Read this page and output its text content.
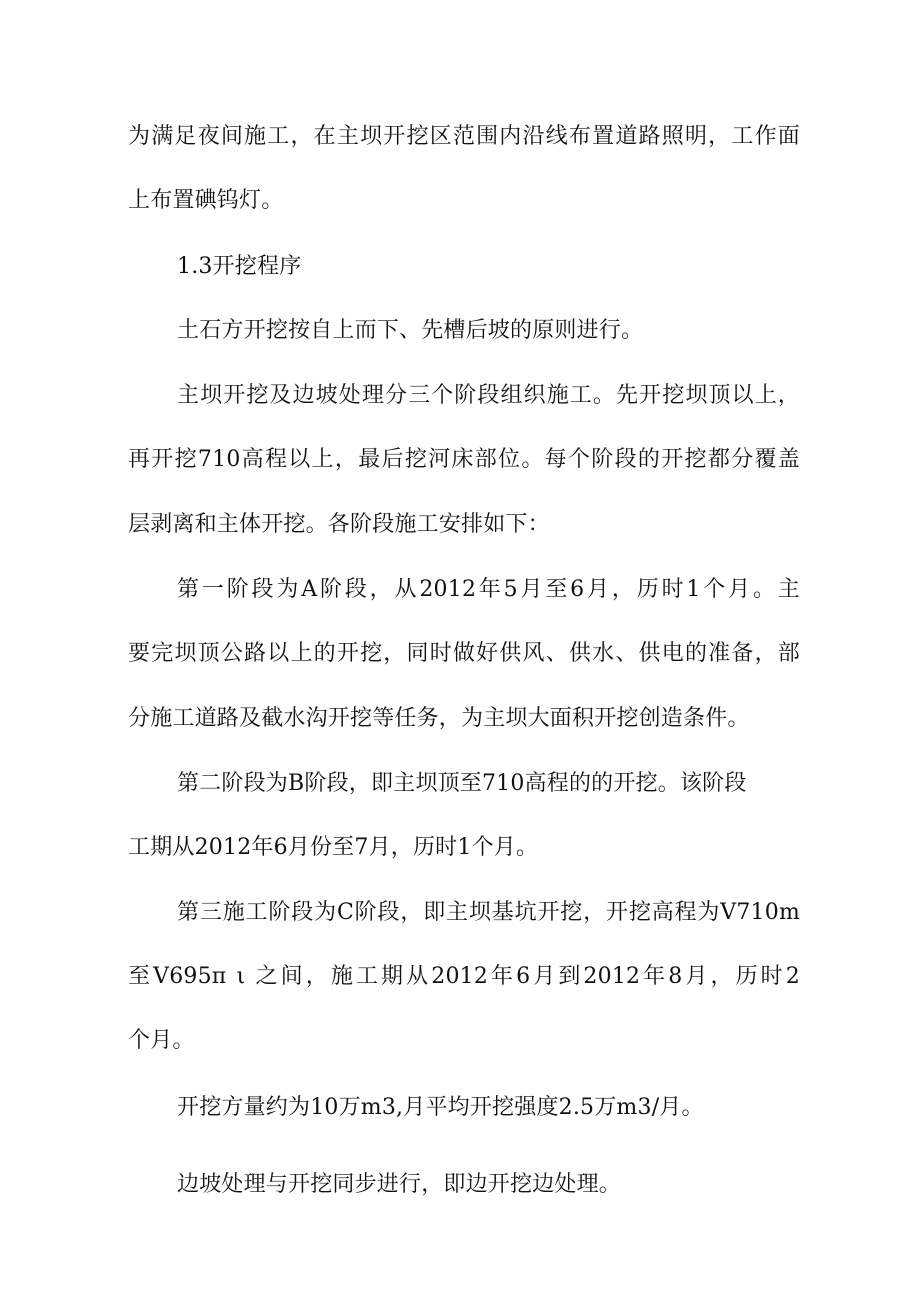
为满足夜间施工，在主坝开挖区范围内沿线布置道路照明，工作面
上布置碘钨灯。
1.3开挖程序
土石方开挖按自上而下、先槽后坡的原则进行。
主坝开挖及边坡处理分三个阶段组织施工。先开挖坝顶以上，
再开挖710高程以上，最后挖河床部位。每个阶段的开挖都分覆盖
层剥离和主体开挖。各阶段施工安排如下：
第一阶段为A阶段，从2012年5月至6月，历时1个月。主
要完坝顶公路以上的开挖，同时做好供风、供水、供电的准备，部
分施工道路及截水沟开挖等任务，为主坝大面积开挖创造条件。
第二阶段为B阶段，即主坝顶至710高程的的开挖。该阶段
工期从2012年6月份至7月，历时1个月。
第三施工阶段为C阶段，即主坝基坑开挖，开挖高程为V710m
至V695π ι 之间，施工期从2012年6月到2012年8月，历时2
个月。
开挖方量约为10万m3,月平均开挖强度2.5万m3/月。
边坡处理与开挖同步进行，即边开挖边处理。
